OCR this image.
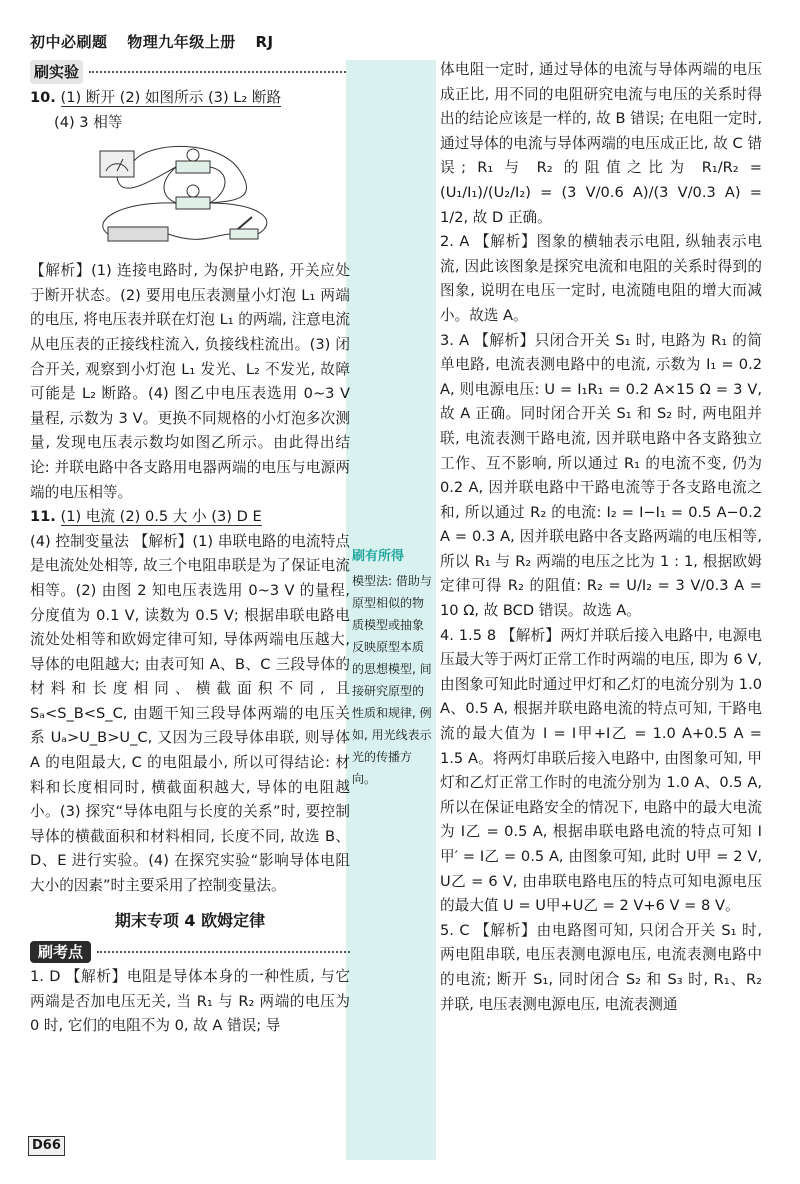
初中必刷题 物理九年级上册 RJ
刷实验

10. (1) 断开 (2) 如图所示 (3) L₂ 断路

(4) 3 相等

【解析】(1) 连接电路时, 为保护电路, 开关应处于断开状态。(2) 要用电压表测量小灯泡 L₁ 两端的电压, 将电压表并联在灯泡 L₁ 的两端, 注意电流从电压表的正接线柱流入, 负接线柱流出。(3) 闭合开关, 观察到小灯泡 L₁ 发光、L₂ 不发光, 故障可能是 L₂ 断路。(4) 图乙中电压表选用 0~3 V 量程, 示数为 3 V。更换不同规格的小灯泡多次测量, 发现电压表示数均如图乙所示。由此得出结论: 并联电路中各支路用电器两端的电压与电源两端的电压相等。

11. (1) 电流 (2) 0.5 大 小 (3) D E

(4) 控制变量法 【解析】(1) 串联电路的电流特点是电流处处相等, 故三个电阻串联是为了保证电流相等。(2) 由图 2 知电压表选用 0~3 V 的量程, 分度值为 0.1 V, 读数为 0.5 V; 根据串联电路电流处处相等和欧姆定律可知, 导体两端电压越大, 导体的电阻越大; 由表可知 A、B、C 三段导体的材料和长度相同、横截面积不同, 且 Sₐ<S_B<S_C, 由题干知三段导体两端的电压关系 Uₐ>U_B>U_C, 又因为三段导体串联, 则导体 A 的电阻最大, C 的电阻最小, 所以可得结论: 材料和长度相同时, 横截面积越大, 导体的电阻越小。(3) 探究“导体电阻与长度的关系”时, 要控制导体的横截面积和材料相同, 长度不同, 故选 B、D、E 进行实验。(4) 在探究实验“影响导体电阻大小的因素”时主要采用了控制变量法。

期末专项 4 欧姆定律
刷考点

1. D 【解析】电阻是导体本身的一种性质, 与它两端是否加电压无关, 当 R₁ 与 R₂ 两端的电压为 0 时, 它们的电阻不为 0, 故 A 错误; 导

刷有所得
模型法: 借助与原型相似的物质模型或抽象反映原型本质的思想模型, 间接研究原型的性质和规律, 例如, 用光线表示光的传播方向。

体电阻一定时, 通过导体的电流与导体两端的电压成正比, 用不同的电阻研究电流与电压的关系时得出的结论应该是一样的, 故 B 错误; 在电阻一定时, 通过导体的电流与导体两端的电压成正比, 故 C 错误; R₁ 与 R₂ 的阻值之比为 R₁/R₂ = (U₁/I₁)/(U₂/I₂) = (3 V/0.6 A)/(3 V/0.3 A) = 1/2, 故 D 正确。

2. A 【解析】图象的横轴表示电阻, 纵轴表示电流, 因此该图象是探究电流和电阻的关系时得到的图象, 说明在电压一定时, 电流随电阻的增大而减小。故选 A。

3. A 【解析】只闭合开关 S₁ 时, 电路为 R₁ 的简单电路, 电流表测电路中的电流, 示数为 I₁ = 0.2 A, 则电源电压: U = I₁R₁ = 0.2 A×15 Ω = 3 V, 故 A 正确。同时闭合开关 S₁ 和 S₂ 时, 两电阻并联, 电流表测干路电流, 因并联电路中各支路独立工作、互不影响, 所以通过 R₁ 的电流不变, 仍为 0.2 A, 因并联电路中干路电流等于各支路电流之和, 所以通过 R₂ 的电流: I₂ = I−I₁ = 0.5 A−0.2 A = 0.3 A, 因并联电路中各支路两端的电压相等, 所以 R₁ 与 R₂ 两端的电压之比为 1 : 1, 根据欧姆定律可得 R₂ 的阻值: R₂ = U/I₂ = 3 V/0.3 A = 10 Ω, 故 BCD 错误。故选 A。

4. 1.5 8 【解析】两灯并联后接入电路中, 电源电压最大等于两灯正常工作时两端的电压, 即为 6 V, 由图象可知此时通过甲灯和乙灯的电流分别为 1.0 A、0.5 A, 根据并联电路电流的特点可知, 干路电流的最大值为 I = I甲+I乙 = 1.0 A+0.5 A = 1.5 A。将两灯串联后接入电路中, 由图象可知, 甲灯和乙灯正常工作时的电流分别为 1.0 A、0.5 A, 所以在保证电路安全的情况下, 电路中的最大电流为 I乙 = 0.5 A, 根据串联电路电流的特点可知 I甲′ = I乙 = 0.5 A, 由图象可知, 此时 U甲 = 2 V, U乙 = 6 V, 由串联电路电压的特点可知电源电压的最大值 U = U甲+U乙 = 2 V+6 V = 8 V。

5. C 【解析】由电路图可知, 只闭合开关 S₁ 时, 两电阻串联, 电压表测电源电压, 电流表测电路中的电流; 断开 S₁, 同时闭合 S₂ 和 S₃ 时, R₁、R₂ 并联, 电压表测电源电压, 电流表测通

D66
